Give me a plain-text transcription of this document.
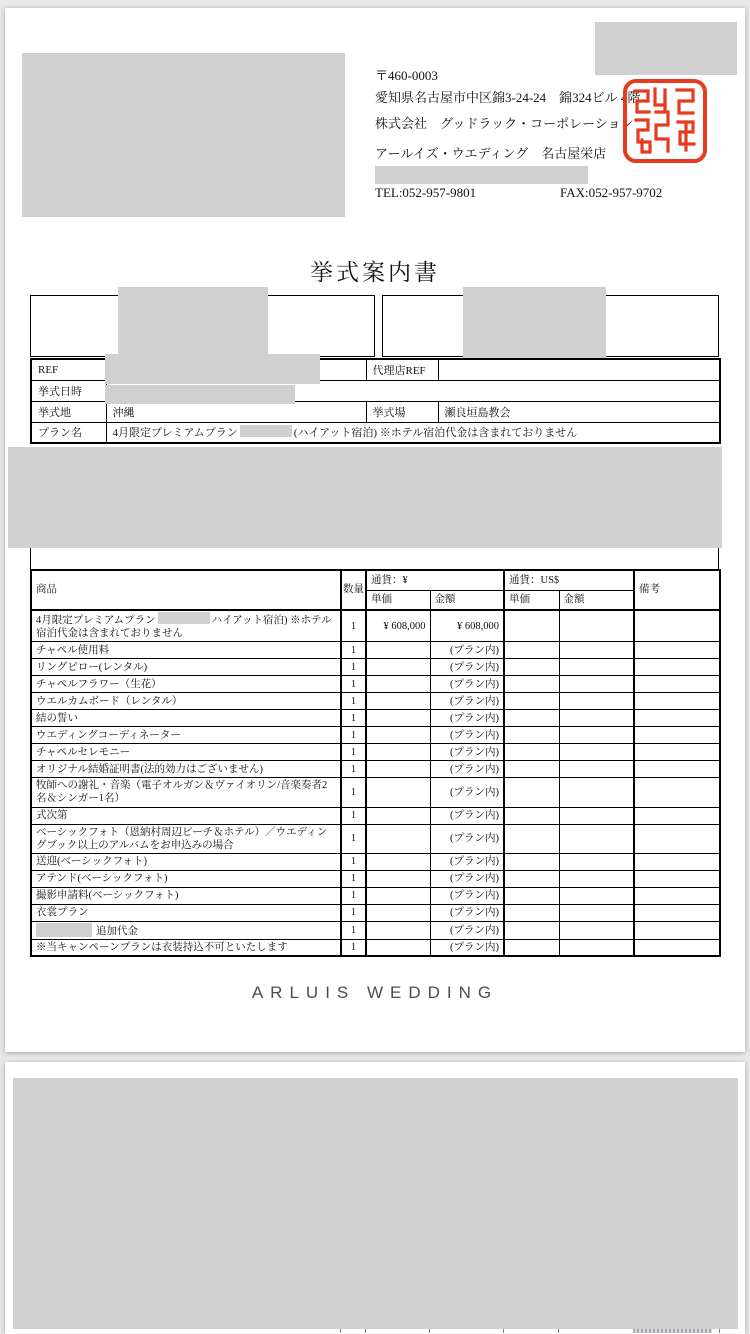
〒460-0003
愛知県名古屋市中区錦3-24-24　錦324ビル 4階
株式会社　グッドラック・コーポレーション
アールイズ・ウエディング　名古屋栄店
TEL:052-957-9801	FAX:052-957-9702
挙式案内書
REF		代理店REF	
挙式日時			
挙式地	沖縄	挙式場	瀬良垣島教会
プラン名	4月限定プレミアムプラン (ハイアット宿泊) ※ホテル宿泊代金は含まれておりません		
商品	数量	通貨：¥		通貨：US$		備考
		単価	金額	単価	金額	
4月限定プレミアムプラン ハイアット宿泊) ※ホテル宿泊代金は含まれておりません	1	¥ 608,000	¥ 608,000			
チャペル使用料	1		(プラン内)			
リングピロー(レンタル)	1		(プラン内)			
チャペルフラワー（生花）	1		(プラン内)			
ウエルカムボード（レンタル）	1		(プラン内)			
結の誓い	1		(プラン内)			
ウエディングコーディネーター	1		(プラン内)			
チャペルセレモニー	1		(プラン内)			
オリジナル結婚証明書(法的効力はございません)	1		(プラン内)			
牧師への謝礼・音楽（電子オルガン＆ヴァイオリン/音楽奏者2名＆シンガー1名）	1		(プラン内)			
式次第	1		(プラン内)			
ベーシックフォト（恩納村周辺ビーチ＆ホテル）／ウエディングブック以上のアルバムをお申込みの場合	1		(プラン内)			
送迎(ベーシックフォト)	1		(プラン内)			
アテンド(ベーシックフォト)	1		(プラン内)			
撮影申請料(ベーシックフォト)	1		(プラン内)			
衣裳プラン	1		(プラン内)			
追加代金	1		(プラン内)			
※当キャンペーンプランは衣装持込不可といたします	1		(プラン内)			
ARLUIS WEDDING
